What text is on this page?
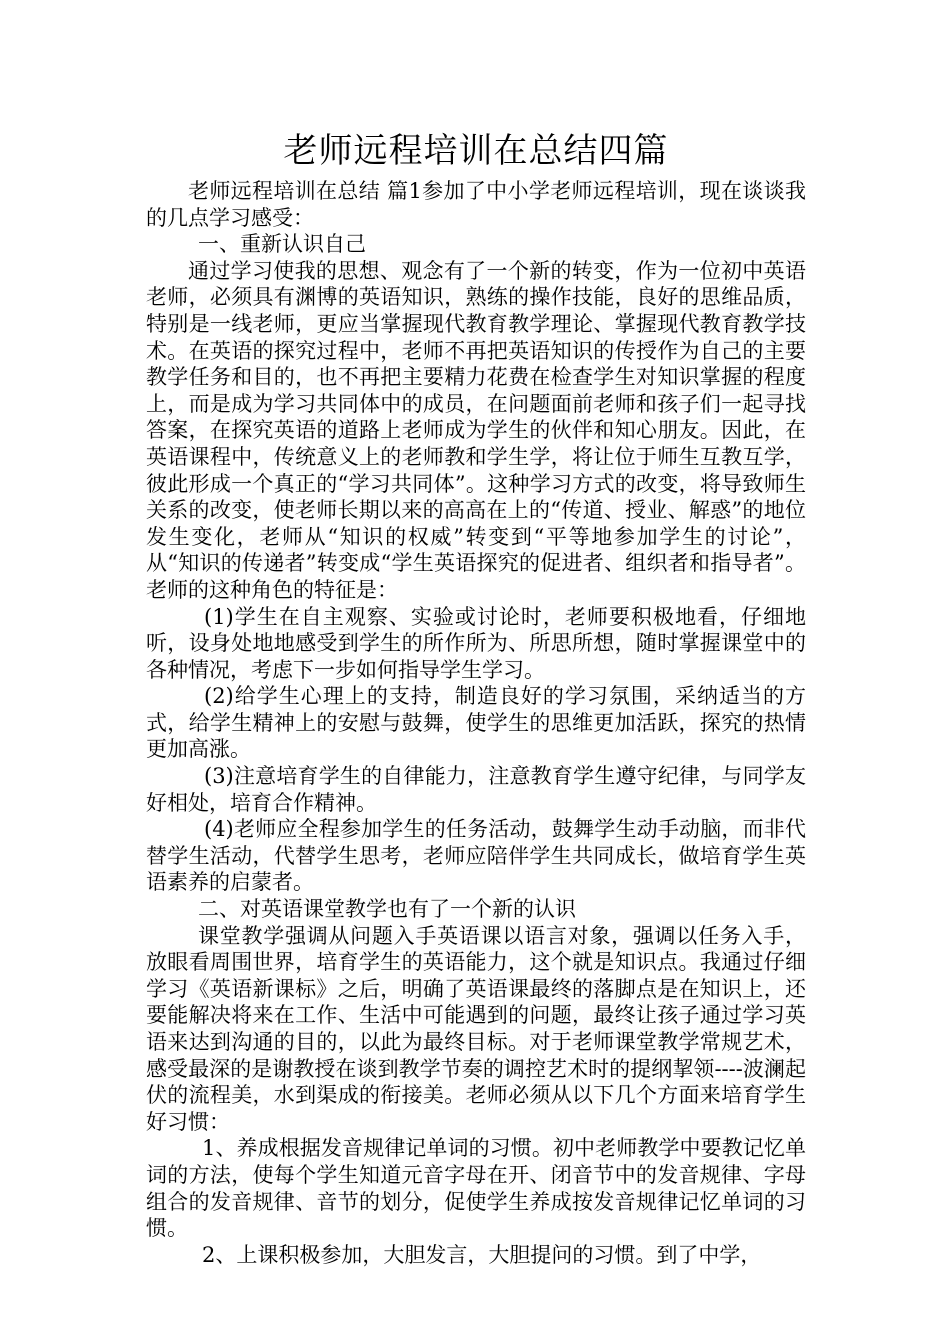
老师远程培训在总结四篇

老师远程培训在总结 篇1参加了中小学老师远程培训，现在谈谈我的几点学习感受：

一、重新认识自己

通过学习使我的思想、观念有了一个新的转变，作为一位初中英语老师，必须具有渊博的英语知识，熟练的操作技能，良好的思维品质，特别是一线老师，更应当掌握现代教育教学理论、掌握现代教育教学技术。在英语的探究过程中，老师不再把英语知识的传授作为自己的主要教学任务和目的，也不再把主要精力花费在检查学生对知识掌握的程度上，而是成为学习共同体中的成员，在问题面前老师和孩子们一起寻找答案，在探究英语的道路上老师成为学生的伙伴和知心朋友。因此，在英语课程中，传统意义上的老师教和学生学，将让位于师生互教互学，彼此形成一个真正的“学习共同体”。这种学习方式的改变，将导致师生关系的改变，使老师长期以来的高高在上的“传道、授业、解惑”的地位发生变化，老师从“知识的权威”转变到“平等地参加学生的讨论”，从“知识的传递者”转变成“学生英语探究的促进者、组织者和指导者”。老师的这种角色的特征是：

(1)学生在自主观察、实验或讨论时，老师要积极地看，仔细地听，设身处地地感受到学生的所作所为、所思所想，随时掌握课堂中的各种情况，考虑下一步如何指导学生学习。

(2)给学生心理上的支持，制造良好的学习氛围，采纳适当的方式，给学生精神上的安慰与鼓舞，使学生的思维更加活跃，探究的热情更加高涨。

(3)注意培育学生的自律能力，注意教育学生遵守纪律，与同学友好相处，培育合作精神。

(4)老师应全程参加学生的任务活动，鼓舞学生动手动脑，而非代替学生活动，代替学生思考，老师应陪伴学生共同成长，做培育学生英语素养的启蒙者。

二、对英语课堂教学也有了一个新的认识

课堂教学强调从问题入手英语课以语言对象，强调以任务入手，放眼看周围世界，培育学生的英语能力，这个就是知识点。我通过仔细学习《英语新课标》之后，明确了英语课最终的落脚点是在知识上，还要能解决将来在工作、生活中可能遇到的问题，最终让孩子通过学习英语来达到沟通的目的，以此为最终目标。对于老师课堂教学常规艺术，感受最深的是谢教授在谈到教学节奏的调控艺术时的提纲挈领----波澜起伏的流程美，水到渠成的衔接美。老师必须从以下几个方面来培育学生好习惯：

1、养成根据发音规律记单词的习惯。初中老师教学中要教记忆单词的方法，使每个学生知道元音字母在开、闭音节中的发音规律、字母组合的发音规律、音节的划分，促使学生养成按发音规律记忆单词的习惯。

2、上课积极参加，大胆发言，大胆提问的习惯。到了中学，
